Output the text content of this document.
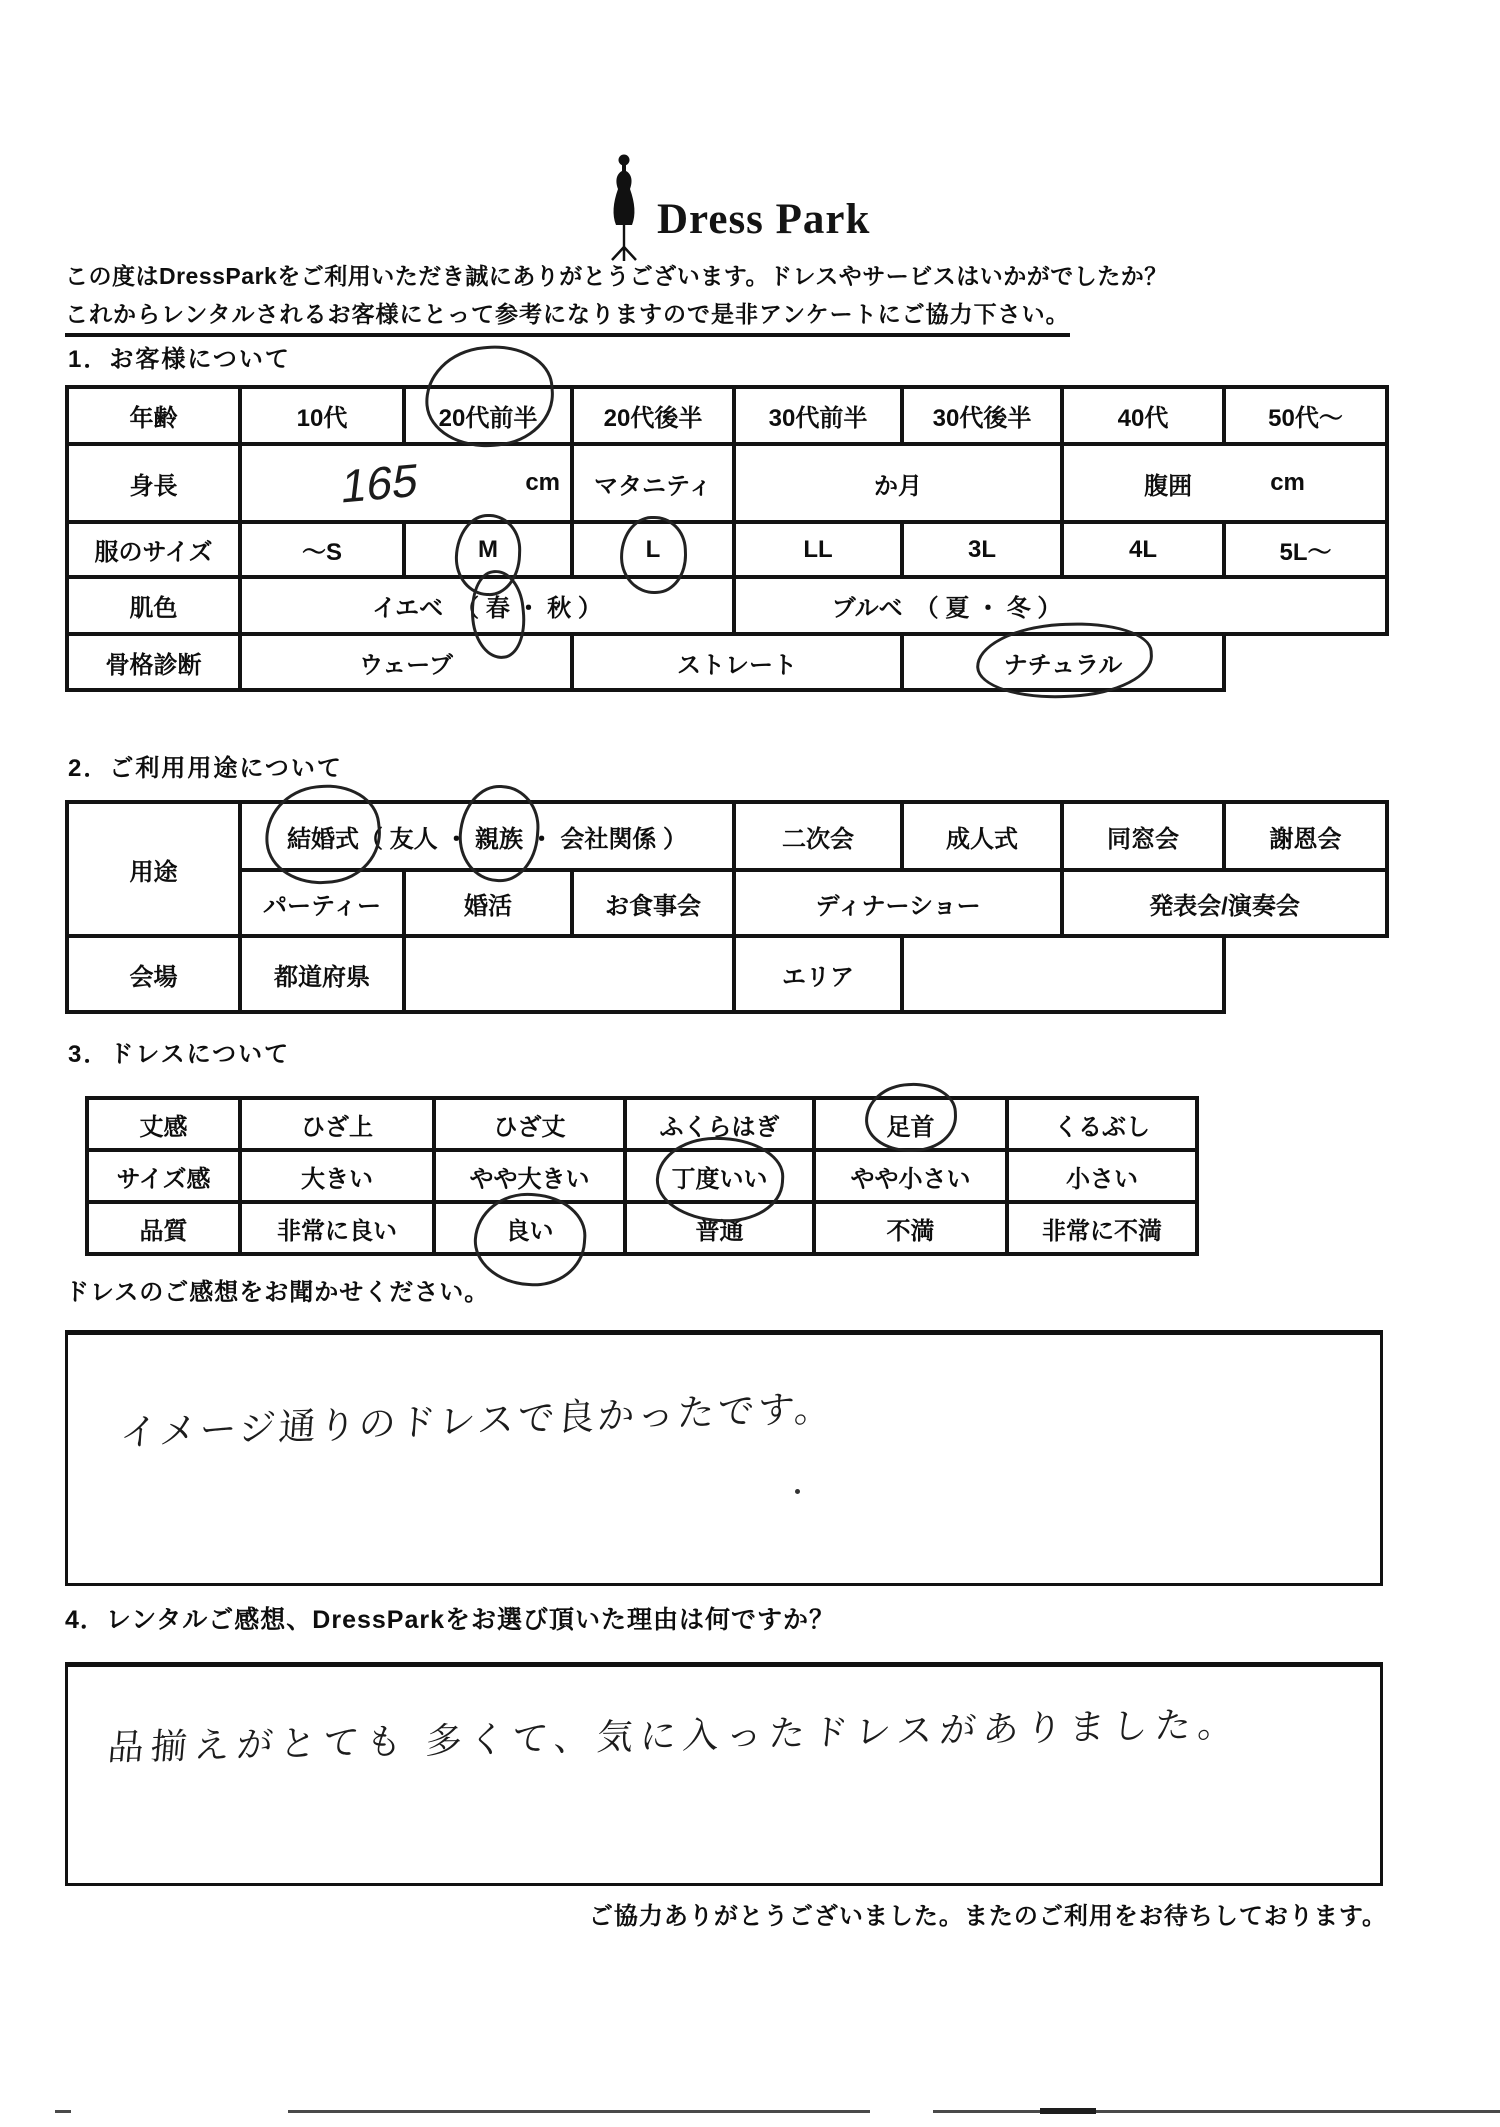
Dress Park
この度はDressParkをご利用いただき誠にありがとうございます。ドレスやサービスはいかがでしたか？
これからレンタルされるお客様にとって参考になりますので是非アンケートにご協力下さい。
1．お客様について
年齢	10代	20代前半	20代後半	30代前半	30代後半	40代	50代～
身長	165 cm		マタニティ	か月		腹囲 cm	

服のサイズ	～S	M	L	LL	3L	4L	5L～
肌色	イエベ　（ 春 ・ 秋 ）			ブルベ　（ 夏 ・ 冬 ）			
骨格診断	ウェーブ		ストレート		ナチュラル		
2．ご利用用途について
用途	結婚式（ 友人 ・ 親族 ・ 会社関係 ）			二次会	成人式	同窓会	謝恩会
	パーティー	婚活	お食事会	ディナーショー		発表会/演奏会	
会場	都道府県			エリア			
3．ドレスについて
丈感	ひざ上	ひざ丈	ふくらはぎ	足首	くるぶし
サイズ感	大きい	やや大きい	丁度いい	やや小さい	小さい
品質	非常に良い	良い	普通	不満	非常に不満
ドレスのご感想をお聞かせください。
イメージ通りのドレスで良かったです。
4．レンタルご感想、DressParkをお選び頂いた理由は何ですか？
品揃えがとても 多くて、気に入ったドレスがありました。
ご協力ありがとうございました。またのご利用をお待ちしております。
